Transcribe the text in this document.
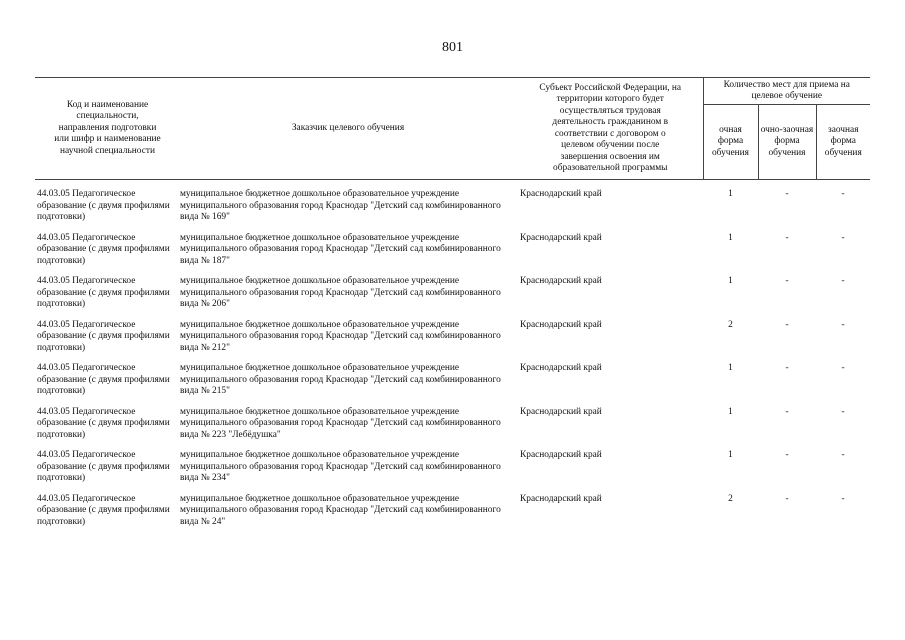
801
Код и наименование специальности, направления подготовки или шифр и наименование научной специальности	Заказчик целевого обучения	Субъект Российской Федерации, на территории которого будет осуществляться трудовая деятельность гражданином в соответствии с договором о целевом обучении после завершения освоения им образовательной программы	Количество мест для приема на целевое обучение		
			очная форма обучения	очно-заочная форма обучения	заочная форма обучения

44.03.05 Педагогическое образование (с двумя профилями подготовки)	муниципальное бюджетное дошкольное образовательное учреждение муниципального образования город Краснодар "Детский сад комбинированного вида № 169"	Краснодарский край	1	-	-
44.03.05 Педагогическое образование (с двумя профилями подготовки)	муниципальное бюджетное дошкольное образовательное учреждение муниципального образования город Краснодар "Детский сад комбинированного вида № 187"	Краснодарский край	1	-	-
44.03.05 Педагогическое образование (с двумя профилями подготовки)	муниципальное бюджетное дошкольное образовательное учреждение муниципального образования город Краснодар "Детский сад комбинированного вида № 206"	Краснодарский край	1	-	-
44.03.05 Педагогическое образование (с двумя профилями подготовки)	муниципальное бюджетное дошкольное образовательное учреждение муниципального образования город Краснодар "Детский сад комбинированного вида № 212"	Краснодарский край	2	-	-
44.03.05 Педагогическое образование (с двумя профилями подготовки)	муниципальное бюджетное дошкольное образовательное учреждение муниципального образования город Краснодар "Детский сад комбинированного вида № 215"	Краснодарский край	1	-	-
44.03.05 Педагогическое образование (с двумя профилями подготовки)	муниципальное бюджетное дошкольное образовательное учреждение муниципального образования город Краснодар "Детский сад комбинированного вида № 223 "Лебёдушка"	Краснодарский край	1	-	-
44.03.05 Педагогическое образование (с двумя профилями подготовки)	муниципальное бюджетное дошкольное образовательное учреждение муниципального образования город Краснодар "Детский сад комбинированного вида № 234"	Краснодарский край	1	-	-
44.03.05 Педагогическое образование (с двумя профилями подготовки)	муниципальное бюджетное дошкольное образовательное учреждение муниципального образования город Краснодар "Детский сад комбинированного вида № 24"	Краснодарский край	2	-	-
